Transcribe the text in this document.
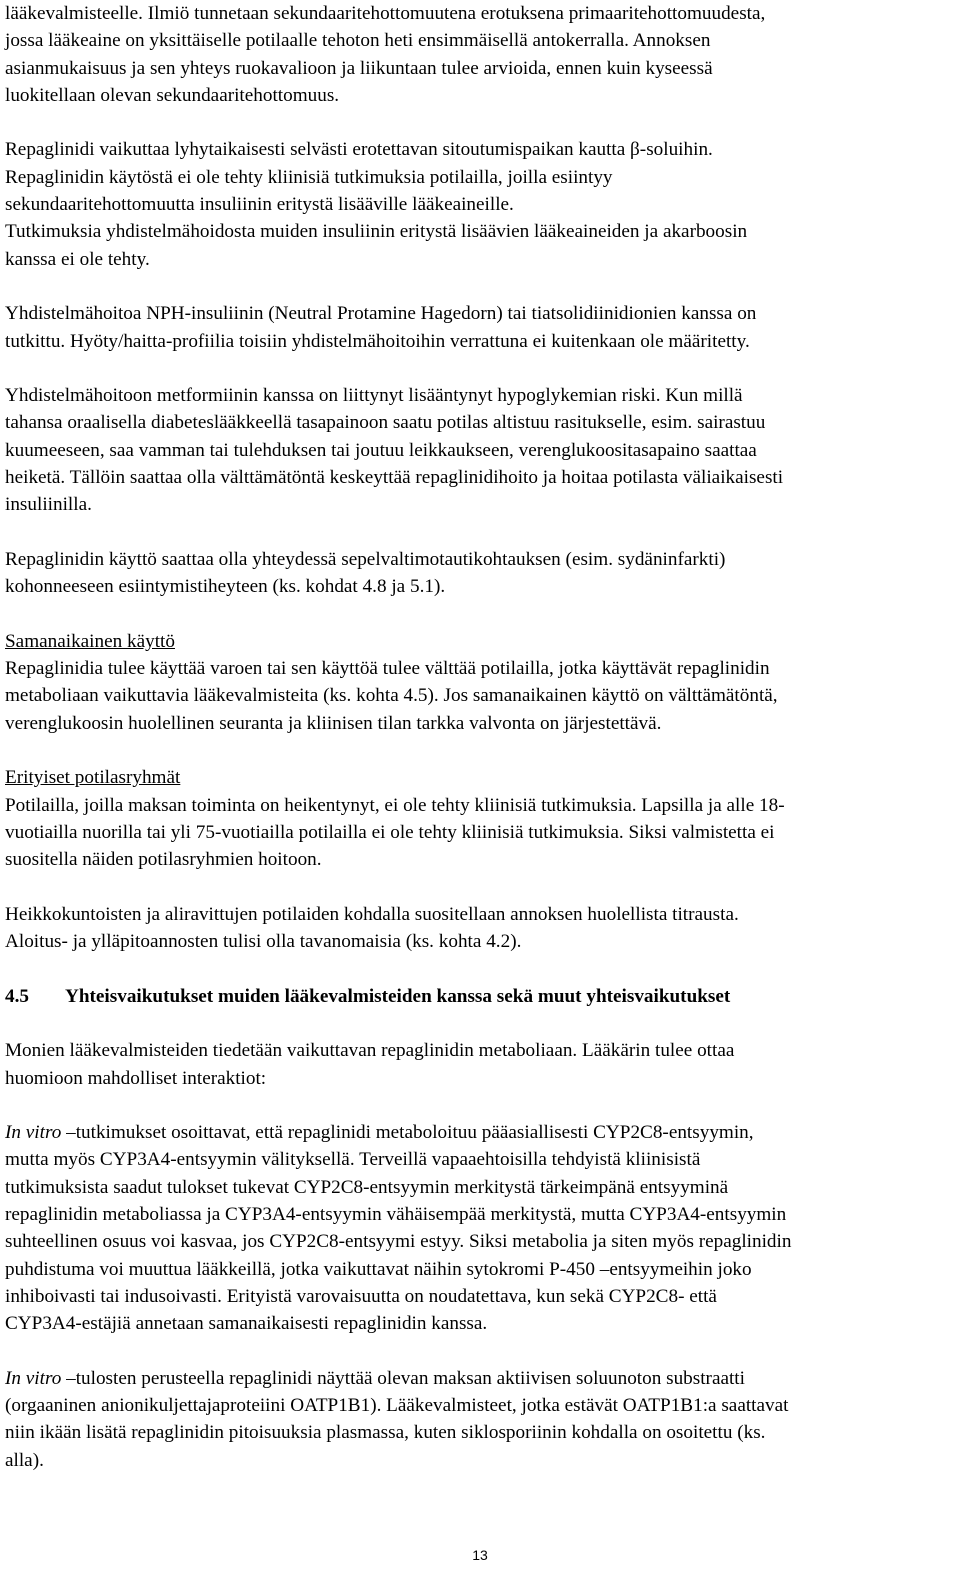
lääkevalmisteelle. Ilmiö tunnetaan sekundaaritehottomuutena erotuksena primaaritehottomuudesta,

jossa lääkeaine on yksittäiselle potilaalle tehoton heti ensimmäisellä antokerralla. Annoksen

asianmukaisuus ja sen yhteys ruokavalioon ja liikuntaan tulee arvioida, ennen kuin kyseessä

luokitellaan olevan sekundaaritehottomuus.

Repaglinidi vaikuttaa lyhytaikaisesti selvästi erotettavan sitoutumispaikan kautta β-soluihin.

Repaglinidin käytöstä ei ole tehty kliinisiä tutkimuksia potilailla, joilla esiintyy

sekundaaritehottomuutta insuliinin eritystä lisääville lääkeaineille.

Tutkimuksia yhdistelmähoidosta muiden insuliinin eritystä lisäävien lääkeaineiden ja akarboosin

kanssa ei ole tehty.

Yhdistelmähoitoa NPH-insuliinin (Neutral Protamine Hagedorn) tai tiatsolidiinidionien kanssa on

tutkittu. Hyöty/haitta-profiilia toisiin yhdistelmähoitoihin verrattuna ei kuitenkaan ole määritetty.

Yhdistelmähoitoon metformiinin kanssa on liittynyt lisääntynyt hypoglykemian riski. Kun millä

tahansa oraalisella diabeteslääkkeellä tasapainoon saatu potilas altistuu rasitukselle, esim. sairastuu

kuumeeseen, saa vamman tai tulehduksen tai joutuu leikkaukseen, verenglukoositasapaino saattaa

heiketä. Tällöin saattaa olla välttämätöntä keskeyttää repaglinidihoito ja hoitaa potilasta väliaikaisesti

insuliinilla.

Repaglinidin käyttö saattaa olla yhteydessä sepelvaltimotautikohtauksen (esim. sydäninfarkti)

kohonneeseen esiintymistiheyteen (ks. kohdat 4.8 ja 5.1).

Samanaikainen käyttö

Repaglinidia tulee käyttää varoen tai sen käyttöä tulee välttää potilailla, jotka käyttävät repaglinidin

metaboliaan vaikuttavia lääkevalmisteita (ks. kohta 4.5). Jos samanaikainen käyttö on välttämätöntä,

verenglukoosin huolellinen seuranta ja kliinisen tilan tarkka valvonta on järjestettävä.

Erityiset potilasryhmät

Potilailla, joilla maksan toiminta on heikentynyt, ei ole tehty kliinisiä tutkimuksia. Lapsilla ja alle 18-

vuotiailla nuorilla tai yli 75-vuotiailla potilailla ei ole tehty kliinisiä tutkimuksia. Siksi valmistetta ei

suositella näiden potilasryhmien hoitoon.

Heikkokuntoisten ja aliravittujen potilaiden kohdalla suositellaan annoksen huolellista titrausta.

Aloitus- ja ylläpitoannosten tulisi olla tavanomaisia (ks. kohta 4.2).

4.5 Yhteisvaikutukset muiden lääkevalmisteiden kanssa sekä muut yhteisvaikutukset

Monien lääkevalmisteiden tiedetään vaikuttavan repaglinidin metaboliaan. Lääkärin tulee ottaa

huomioon mahdolliset interaktiot:

In vitro –tutkimukset osoittavat, että repaglinidi metaboloituu pääasiallisesti CYP2C8-entsyymin,

mutta myös CYP3A4-entsyymin välityksellä. Terveillä vapaaehtoisilla tehdyistä kliinisistä

tutkimuksista saadut tulokset tukevat CYP2C8-entsyymin merkitystä tärkeimpänä entsyyminä

repaglinidin metaboliassa ja CYP3A4-entsyymin vähäisempää merkitystä, mutta CYP3A4-entsyymin

suhteellinen osuus voi kasvaa, jos CYP2C8-entsyymi estyy. Siksi metabolia ja siten myös repaglinidin

puhdistuma voi muuttua lääkkeillä, jotka vaikuttavat näihin sytokromi P-450 –entsyymeihin joko

inhiboivasti tai indusoivasti. Erityistä varovaisuutta on noudatettava, kun sekä CYP2C8- että

CYP3A4-estäjiä annetaan samanaikaisesti repaglinidin kanssa.

In vitro –tulosten perusteella repaglinidi näyttää olevan maksan aktiivisen soluunoton substraatti

(orgaaninen anionikuljettajaproteiini OATP1B1). Lääkevalmisteet, jotka estävät OATP1B1:a saattavat

niin ikään lisätä repaglinidin pitoisuuksia plasmassa, kuten siklosporiinin kohdalla on osoitettu (ks.

alla).

13
